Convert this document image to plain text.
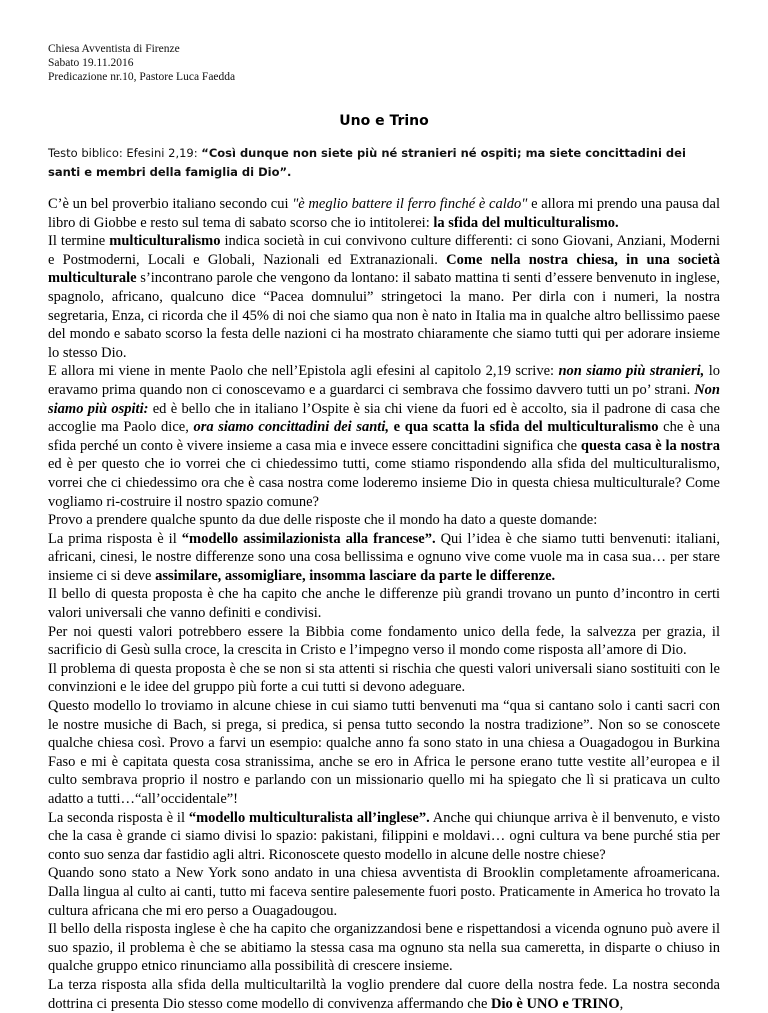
Chiesa Avventista di Firenze
Sabato 19.11.2016
Predicazione nr.10, Pastore Luca Faedda
Uno e Trino
Testo biblico: Efesini 2,19: “Così dunque non siete più né stranieri né ospiti; ma siete concittadini dei santi e membri della famiglia di Dio”.

C’è un bel proverbio italiano secondo cui "è meglio battere il ferro finché è caldo" e allora mi prendo una pausa dal libro di Giobbe e resto sul tema di sabato scorso che io intitolerei: la sfida del multiculturalismo.

Il termine multiculturalismo indica società in cui convivono culture differenti: ci sono Giovani, Anziani, Moderni e Postmoderni, Locali e Globali, Nazionali ed Extranazionali. Come nella nostra chiesa, in una società multiculturale s’incontrano parole che vengono da lontano: il sabato mattina ti senti d’essere benvenuto in inglese, spagnolo, africano, qualcuno dice “Pacea domnului” stringetoci la mano. Per dirla con i numeri, la nostra segretaria, Enza, ci ricorda che il 45% di noi che siamo qua non è nato in Italia ma in qualche altro bellissimo paese del mondo e sabato scorso la festa delle nazioni ci ha mostrato chiaramente che siamo tutti qui per adorare insieme lo stesso Dio.

E allora mi viene in mente Paolo che nell’Epistola agli efesini al capitolo 2,19 scrive: non siamo più stranieri, lo eravamo prima quando non ci conoscevamo e a guardarci ci sembrava che fossimo davvero tutti un po’ strani. Non siamo più ospiti: ed è bello che in italiano l’Ospite è sia chi viene da fuori ed è accolto, sia il padrone di casa che accoglie ma Paolo dice, ora siamo concittadini dei santi, e qua scatta la sfida del multiculturalismo che è una sfida perché un conto è vivere insieme a casa mia e invece essere concittadini significa che questa casa è la nostra ed è per questo che io vorrei che ci chiedessimo tutti, come stiamo rispondendo alla sfida del multiculturalismo, vorrei che ci chiedessimo ora che è casa nostra come loderemo insieme Dio in questa chiesa multiculturale? Come vogliamo ri-costruire il nostro spazio comune?

Provo a prendere qualche spunto da due delle risposte che il mondo ha dato a queste domande:

La prima risposta è il “modello assimilazionista alla francese”. Qui l’idea è che siamo tutti benvenuti: italiani, africani, cinesi, le nostre differenze sono una cosa bellissima e ognuno vive come vuole ma in casa sua… per stare insieme ci si deve assimilare, assomigliare, insomma lasciare da parte le differenze.

Il bello di questa proposta è che ha capito che anche le differenze più grandi trovano un punto d’incontro in certi valori universali che vanno definiti e condivisi.

Per noi questi valori potrebbero essere la Bibbia come fondamento unico della fede, la salvezza per grazia, il sacrificio di Gesù sulla croce, la crescita in Cristo e l’impegno verso il mondo come risposta all’amore di Dio.

Il problema di questa proposta è che se non si sta attenti si rischia che questi valori universali siano sostituiti con le convinzioni e le idee del gruppo più forte a cui tutti si devono adeguare.

Questo modello lo troviamo in alcune chiese in cui siamo tutti benvenuti ma “qua si cantano solo i canti sacri con le nostre musiche di Bach, si prega, si predica, si pensa tutto secondo la nostra tradizione”. Non so se conoscete qualche chiesa così. Provo a farvi un esempio: qualche anno fa sono stato in una chiesa a Ouagadogou in Burkina Faso e mi è capitata questa cosa stranissima, anche se ero in Africa le persone erano tutte vestite all’europea e il culto sembrava proprio il nostro e parlando con un missionario quello mi ha spiegato che lì si praticava un culto adatto a tutti…“all’occidentale”!

La seconda risposta è il “modello multiculturalista all’inglese”. Anche qui chiunque arriva è il benvenuto, e visto che la casa è grande ci siamo divisi lo spazio: pakistani, filippini e moldavi… ogni cultura va bene purché stia per conto suo senza dar fastidio agli altri. Riconoscete questo modello in alcune delle nostre chiese?

Quando sono stato a New York sono andato in una chiesa avventista di Brooklin completamente afroamericana. Dalla lingua al culto ai canti, tutto mi faceva sentire palesemente fuori posto. Praticamente in America ho trovato la cultura africana che mi ero perso a Ouagadougou.

Il bello della risposta inglese è che ha capito che organizzandosi bene e rispettandosi a vicenda ognuno può avere il suo spazio, il problema è che se abitiamo la stessa casa ma ognuno sta nella sua cameretta, in disparte o chiuso in qualche gruppo etnico rinunciamo alla possibilità di crescere insieme.

La terza risposta alla sfida della multicultariltà la voglio prendere dal cuore della nostra fede. La nostra seconda dottrina ci presenta Dio stesso come modello di convivenza affermando che Dio è UNO e TRINO,
